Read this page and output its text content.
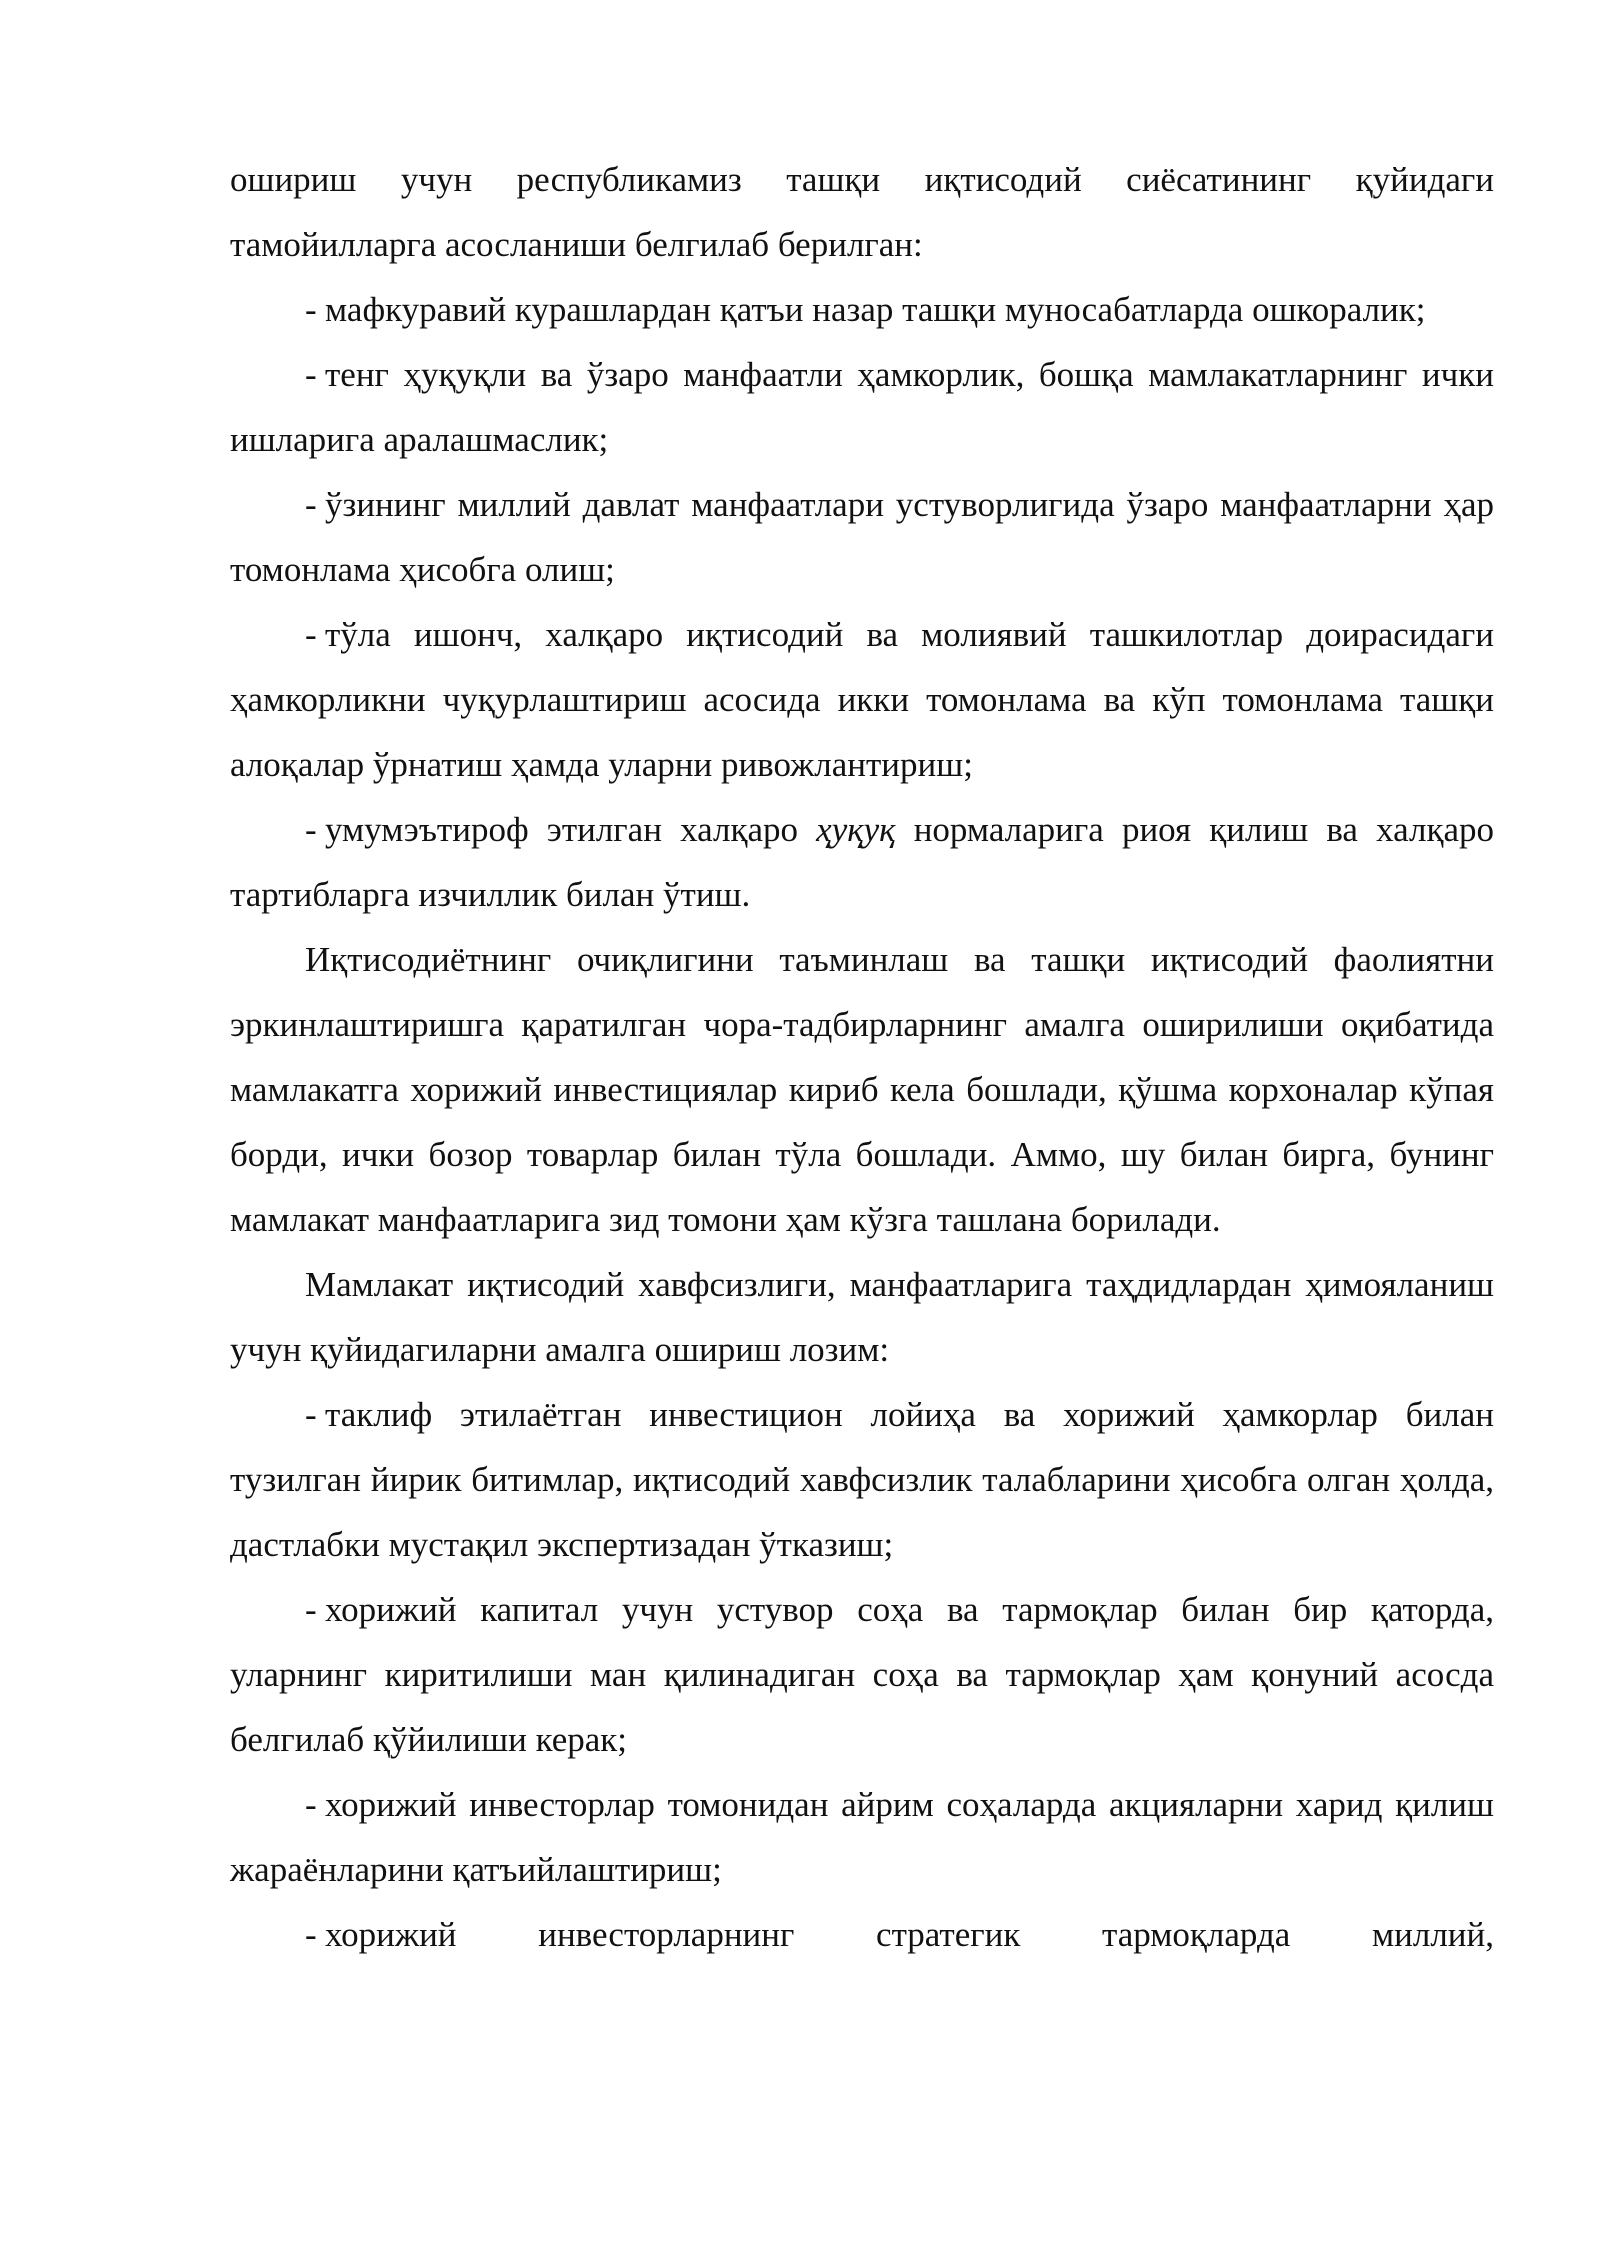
ошириш учун республикамиз ташқи иқтисодий сиёсатининг қуйидаги тамойилларга асосланиши белгилаб берилган:

- мафкуравий курашлардан қатъи назар ташқи муносабатларда ошкоралик;

- тенг ҳуқуқли ва ўзаро манфаатли ҳамкорлик, бошқа мамлакатларнинг ички ишларига аралашмаслик;

- ўзининг миллий давлат манфаатлари устуворлигида ўзаро манфаатларни ҳар томонлама ҳисобга олиш;

- тўла ишонч, халқаро иқтисодий ва молиявий ташкилотлар доирасидаги ҳамкорликни чуқурлаштириш асосида икки томонлама ва кўп томонлама ташқи алоқалар ўрнатиш ҳамда уларни ривожлантириш;

- умумэътироф этилган халқаро ҳуқуқ нормаларига риоя қилиш ва халқаро тартибларга изчиллик билан ўтиш.

Иқтисодиётнинг очиқлигини таъминлаш ва ташқи иқтисодий фаолиятни эркинлаштиришга қаратилган чора-тадбирларнинг амалга оширилиши оқибатида мамлакатга хорижий инвестициялар кириб кела бошлади, қўшма корхоналар кўпая борди, ички бозор товарлар билан тўла бошлади. Аммо, шу билан бирга, бунинг мамлакат манфаатларига зид томони ҳам кўзга ташлана борилади.

Мамлакат иқтисодий хавфсизлиги, манфаатларига таҳдидлардан ҳимояланиш учун қуйидагиларни амалга ошириш лозим:

- таклиф этилаётган инвестицион лойиҳа ва хорижий ҳамкорлар билан тузилган йирик битимлар, иқтисодий хавфсизлик талабларини ҳисобга олган ҳолда, дастлабки мустақил экспертизадан ўтказиш;

- хорижий капитал учун устувор соҳа ва тармоқлар билан бир қаторда, уларнинг киритилиши ман қилинадиган соҳа ва тармоқлар ҳам қонуний асосда белгилаб қўйилиши керак;

- хорижий инвесторлар томонидан айрим соҳаларда акцияларни харид қилиш жараёнларини қатъийлаштириш;

- хорижий инвесторларнинг стратегик тармоқларда миллий,
